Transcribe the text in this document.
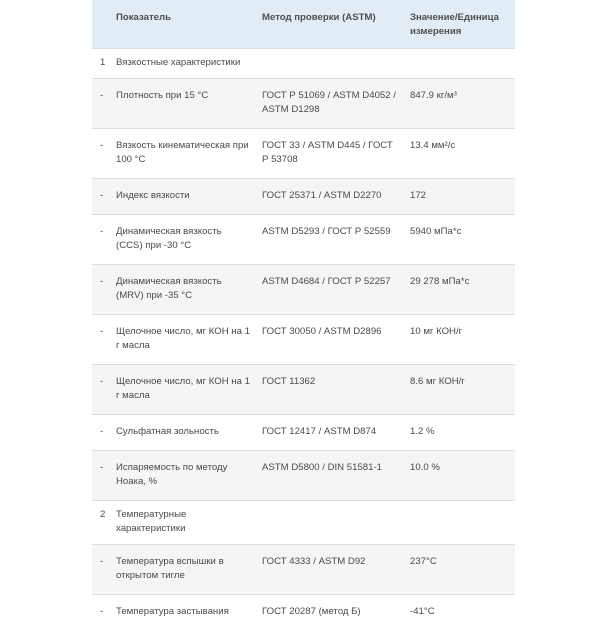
	Показатель	Метод проверки (ASTM)	Значение/Единица измерения
1	Вязкостные характеристики		
-	Плотность при 15 °С	ГОСТ Р 51069 / ASTM D4052 / ASTM D1298	847.9 кг/м³
-	Вязкость кинематическая при 100 °С	ГОСТ 33 / ASTM D445 / ГОСТ Р 53708	13.4 мм²/с
-	Индекс вязкости	ГОСТ 25371 / ASTM D2270	172
-	Динамическая вязкость (CCS) при -30 °С	ASTM D5293 / ГОСТ Р 52559	5940 мПа*с
-	Динамическая вязкость (MRV) при -35 °С	ASTM D4684 / ГОСТ Р 52257	29 278 мПа*с
-	Щелочное число, мг КОН на 1 г масла	ГОСТ 30050 / ASTM D2896	10 мг КОН/г
-	Щелочное число, мг КОН на 1 г масла	ГОСТ 11362	8.6 мг КОН/г
-	Сульфатная зольность	ГОСТ 12417 / ASTM D874	1.2 %
-	Испаряемость по методу Ноака, %	ASTM D5800 / DIN 51581-1	10.0 %
2	Температурные характеристики		
-	Температура вспышки в открытом тигле	ГОСТ 4333 / ASTM D92	237°С
-	Температура застывания	ГОСТ 20287 (метод Б)	-41°С
